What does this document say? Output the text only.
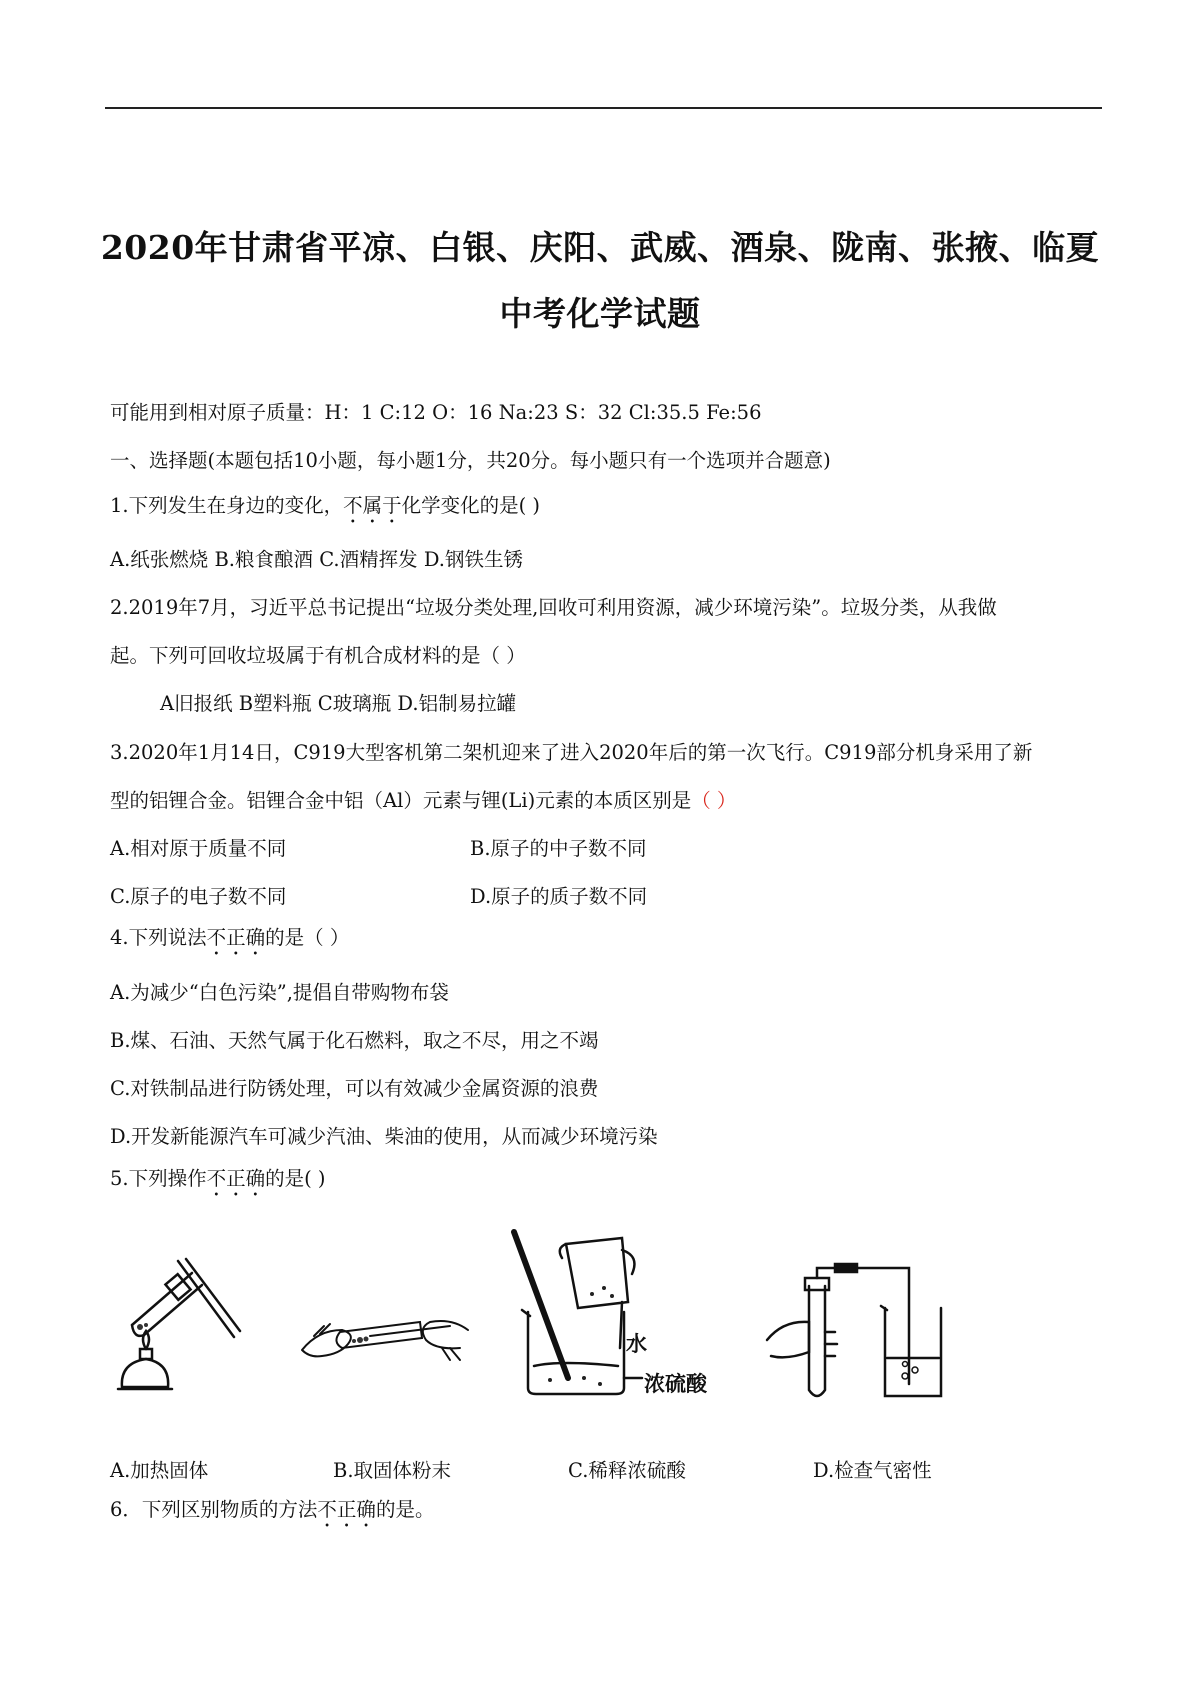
2020年甘肃省平凉、白银、庆阳、武威、酒泉、陇南、张掖、临夏
中考化学试题
可能用到相对原子质量：H：1 C:12 O：16 Na:23 S：32 Cl:35.5 Fe:56
一、选择题(本题包括10小题，每小题1分，共20分。每小题只有一个选项并合题意)
1.下列发生在身边的变化，不属于化学变化的是( )
A.纸张燃烧 B.粮食酿酒 C.酒精挥发 D.钢铁生锈
2.2019年7月，习近平总书记提出“垃圾分类处理,回收可利用资源，减少环境污染”。垃圾分类，从我做
起。下列可回收垃圾属于有机合成材料的是（ ）
A旧报纸 B塑料瓶 C玻璃瓶 D.铝制易拉罐
3.2020年1月14日，C919大型客机第二架机迎来了进入2020年后的第一次飞行。C919部分机身采用了新
型的铝锂合金。铝锂合金中铝（Al）元素与锂(Li)元素的本质区别是（ ）
A.相对原于质量不同	B.原子的中子数不同
C.原子的电子数不同	D.原子的质子数不同
4.下列说法不正确的是（ ）
A.为减少“白色污染”,提倡自带购物布袋
B.煤、石油、天然气属于化石燃料，取之不尽，用之不竭
C.对铁制品进行防锈处理，可以有效减少金属资源的浪费
D.开发新能源汽车可减少汽油、柴油的使用，从而减少环境污染
5.下列操作不正确的是( )
水
浓硫酸
A.加热固体	B.取固体粉末	C.稀释浓硫酸	D.检查气密性
6．下列区别物质的方法不正确的是。
